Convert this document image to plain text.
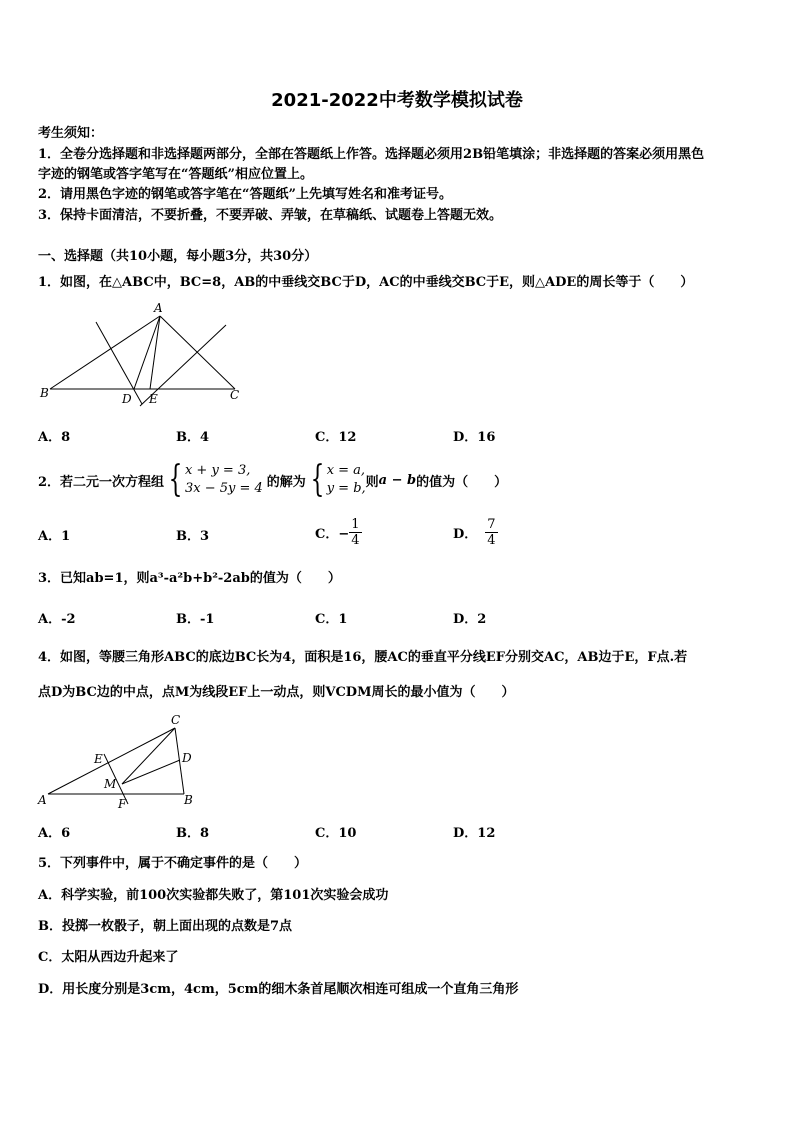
2021-2022中考数学模拟试卷
考生须知：
1．全卷分选择题和非选择题两部分，全部在答题纸上作答。选择题必须用2B铅笔填涂；非选择题的答案必须用黑色
字迹的钢笔或答字笔写在“答题纸”相应位置上。
2．请用黑色字迹的钢笔或答字笔在“答题纸”上先填写姓名和准考证号。
3．保持卡面清洁，不要折叠，不要弄破、弄皱，在草稿纸、试题卷上答题无效。
一、选择题（共10小题，每小题3分，共30分）
1．如图，在△ABC中，BC=8，AB的中垂线交BC于D，AC的中垂线交BC于E，则△ADE的周长等于（　　）
A
B	C
D E
A．8	B．4	C．12	D．16
2．若二元一次方程组 { x + y = 3,
3x − 5y = 4 的解为 { x = a,
y = b, 则 a − b 的值为（　　）
A．1	B．3	C．− $\frac{1}{4}$	D． $\frac{7}{4}$
3．已知ab=1，则a³-a²b+b²-2ab的值为（　　）
A．-2	B．-1	C．1	D．2
4．如图，等腰三角形ABC的底边BC长为4，面积是16，腰AC的垂直平分线EF分别交AC，AB边于E，F点.若
点D为BC边的中点，点M为线段EF上一动点，则VCDM周长的最小值为（　　）
C
A	B
D
E
F
M
A．6	B．8	C．10	D．12
5．下列事件中，属于不确定事件的是（　　）
A．科学实验，前100次实验都失败了，第101次实验会成功
B．投掷一枚骰子，朝上面出现的点数是7点
C．太阳从西边升起来了
D．用长度分别是3cm，4cm，5cm的细木条首尾顺次相连可组成一个直角三角形
